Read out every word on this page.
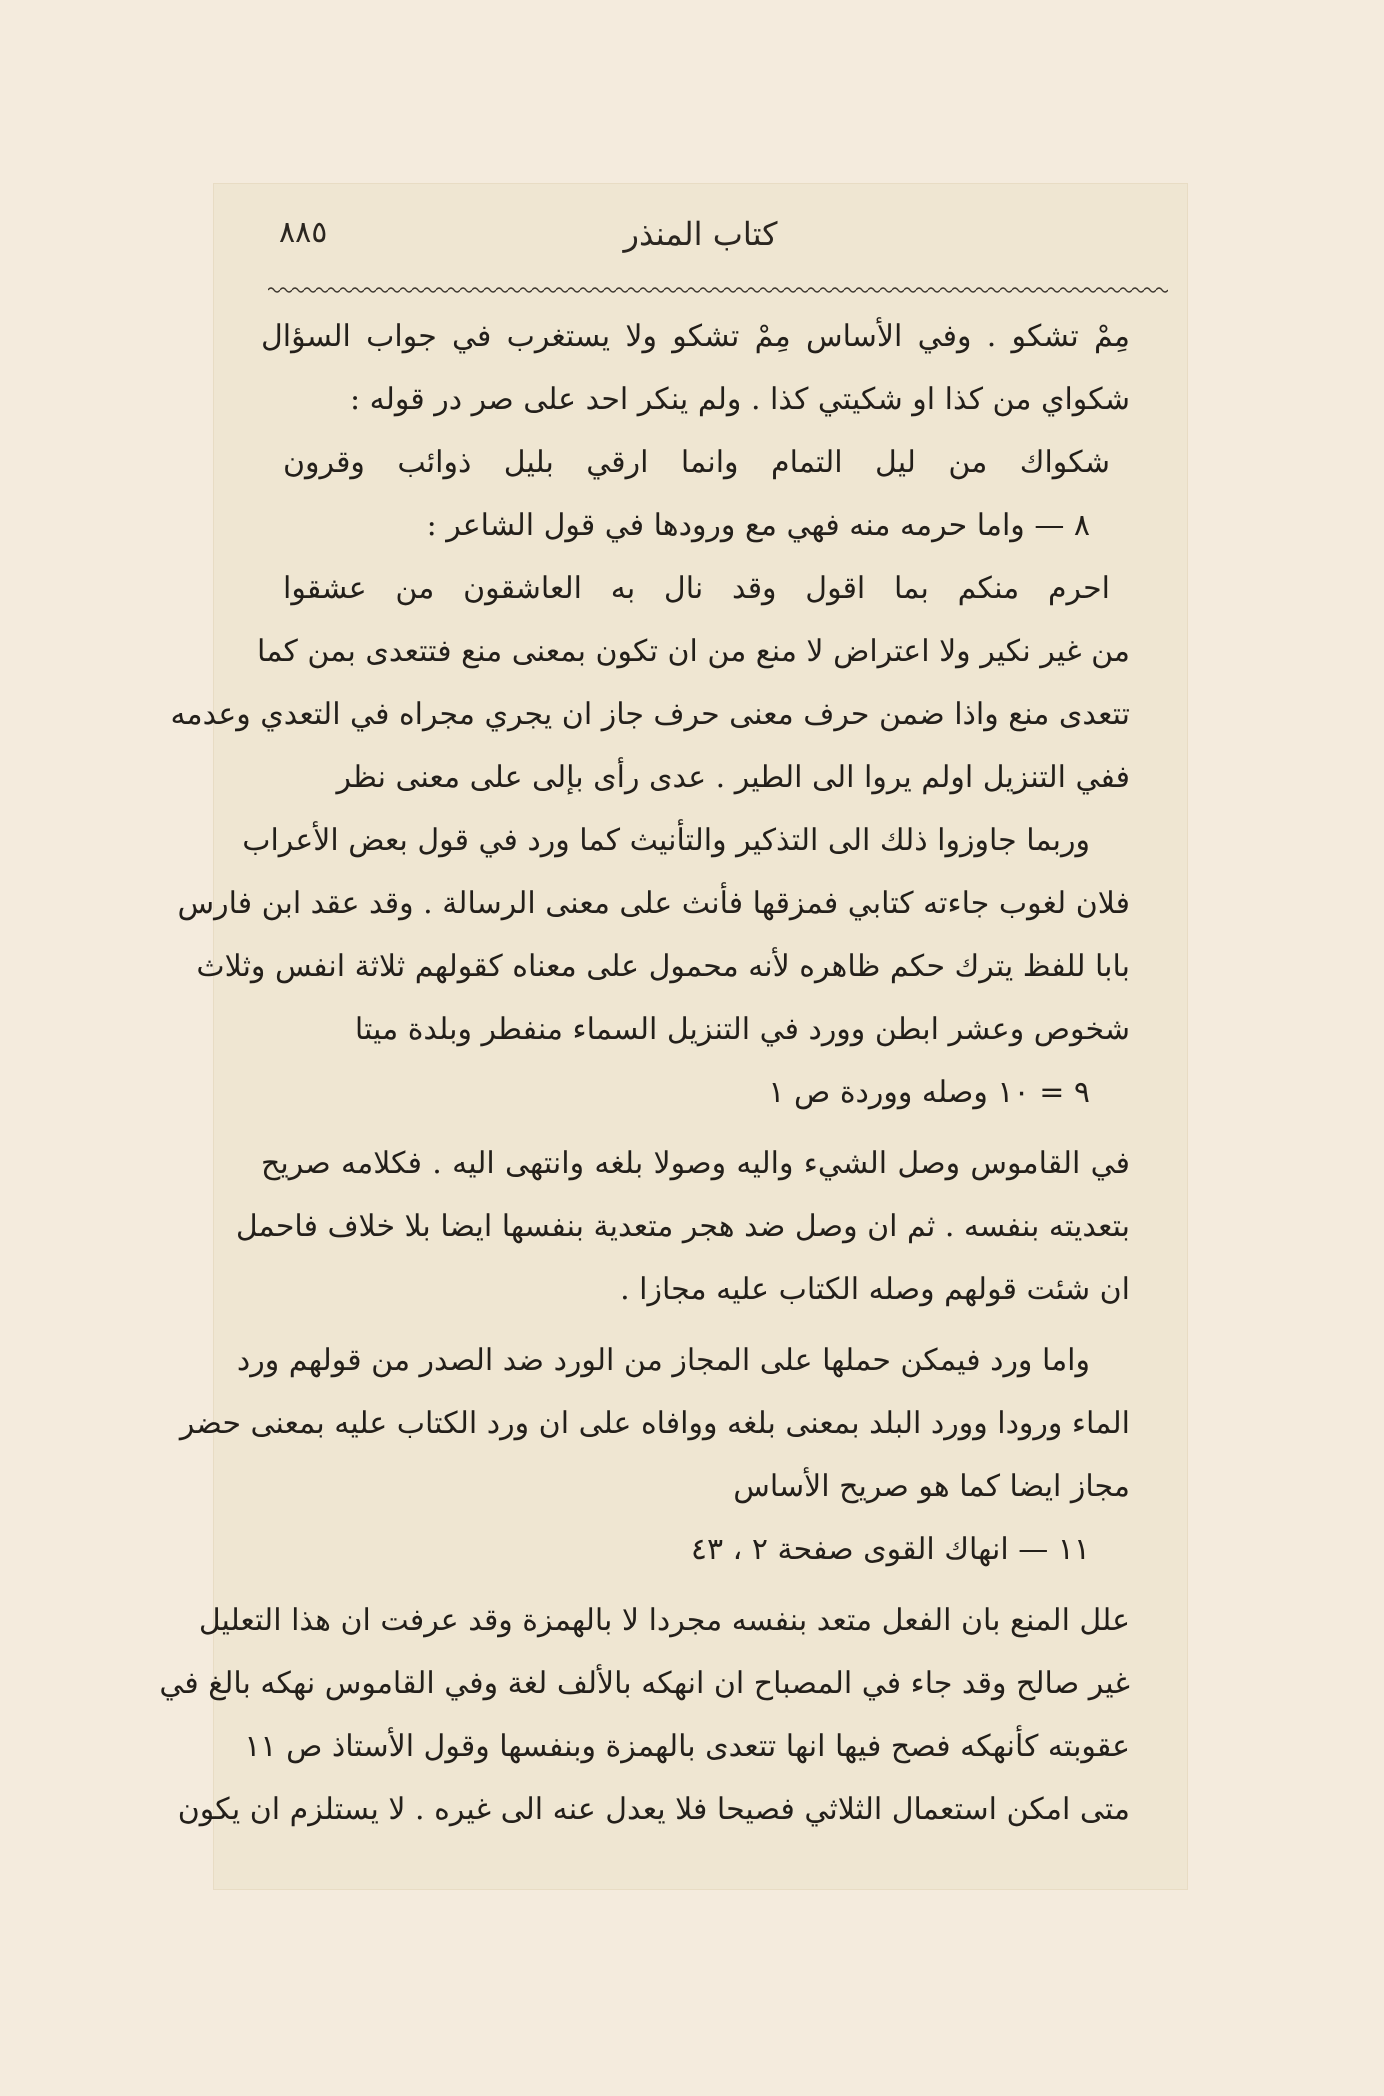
٨٨٥	كتاب المنذر
مِمْ تشكو . وفي الأساس مِمْ تشكو ولا يستغرب في جواب السؤال
شكواي من كذا او شكيتي كذا . ولم ينكر احد على صر در قوله :
شكواك من ليل التمام وانما ارقي بليل ذوائب وقرون
٨ — واما حرمه منه فهي مع ورودها في قول الشاعر :
احرم منكم بما اقول وقد نال به العاشقون من عشقوا
من غير نكير ولا اعتراض لا منع من ان تكون بمعنى منع فتتعدى بمن كما
تتعدى منع واذا ضمن حرف معنى حرف جاز ان يجري مجراه في التعدي وعدمه
ففي التنزيل اولم يروا الى الطير . عدى رأى بإلى على معنى نظر
وربما جاوزوا ذلك الى التذكير والتأنيث كما ورد في قول بعض الأعراب
فلان لغوب جاءته كتابي فمزقها فأنث على معنى الرسالة . وقد عقد ابن فارس
بابا للفظ يترك حكم ظاهره لأنه محمول على معناه كقولهم ثلاثة انفس وثلاث
شخوص وعشر ابطن وورد في التنزيل السماء منفطر وبلدة ميتا
٩ = ١٠ وصله ووردة ص ١
في القاموس وصل الشيء واليه وصولا بلغه وانتهى اليه . فكلامه صريح
بتعديته بنفسه . ثم ان وصل ضد هجر متعدية بنفسها ايضا بلا خلاف فاحمل
ان شئت قولهم وصله الكتاب عليه مجازا .
واما ورد فيمكن حملها على المجاز من الورد ضد الصدر من قولهم ورد
الماء ورودا وورد البلد بمعنى بلغه ووافاه على ان ورد الكتاب عليه بمعنى حضر
مجاز ايضا كما هو صريح الأساس
١١ — انهاك القوى صفحة ٢ ، ٤٣
علل المنع بان الفعل متعد بنفسه مجردا لا بالهمزة وقد عرفت ان هذا التعليل
غير صالح وقد جاء في المصباح ان انهكه بالألف لغة وفي القاموس نهكه بالغ في
عقوبته كأنهكه فصح فيها انها تتعدى بالهمزة وبنفسها وقول الأستاذ ص ١١
متى امكن استعمال الثلاثي فصيحا فلا يعدل عنه الى غيره . لا يستلزم ان يكون
